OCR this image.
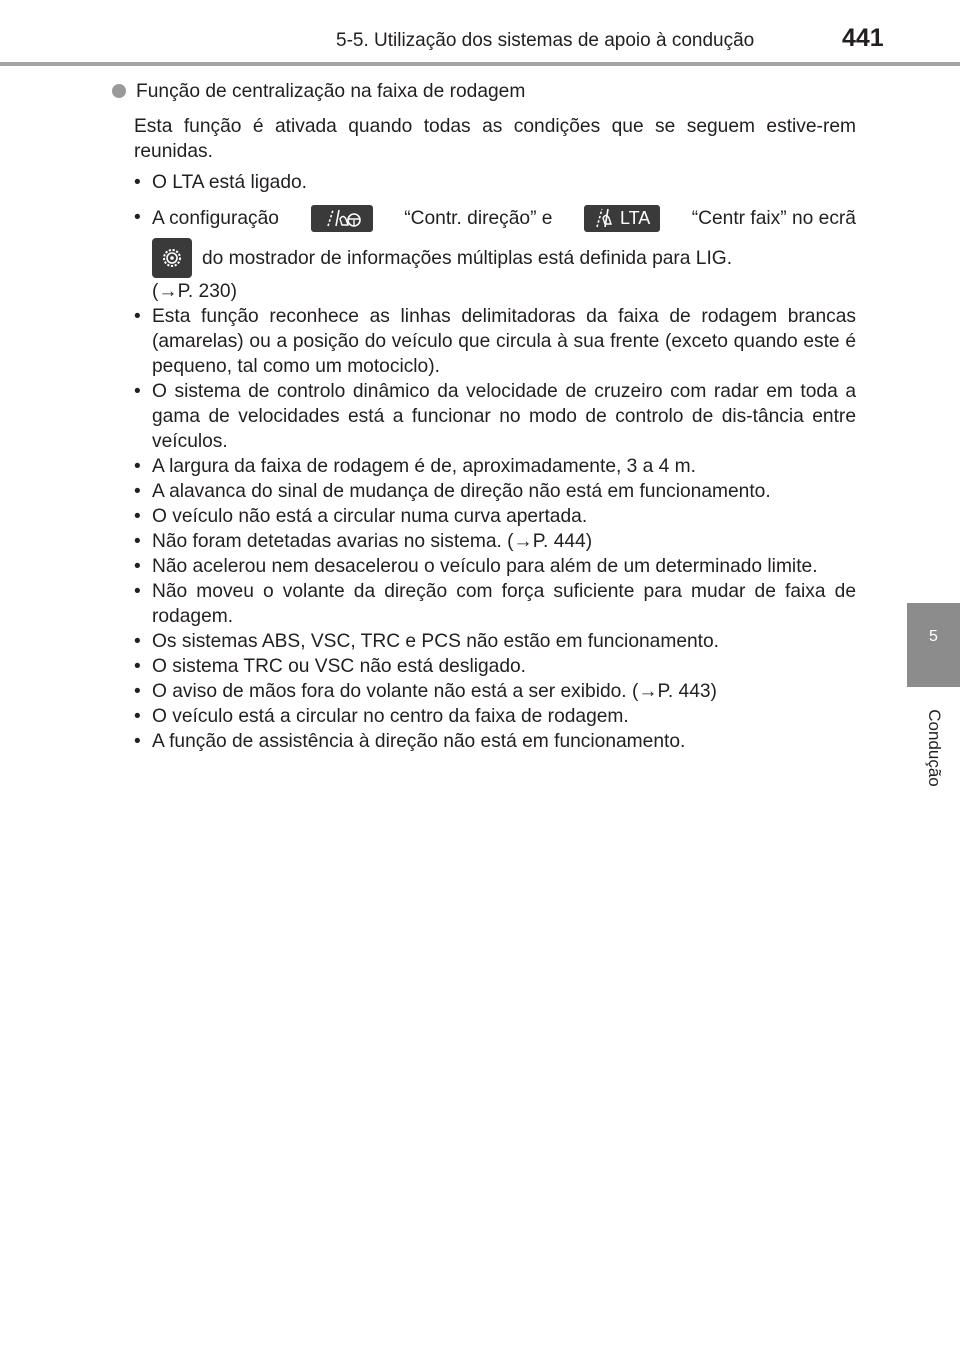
5-5. Utilização dos sistemas de apoio à condução	441
5
Condução
Função de centralização na faixa de rodagem
Esta função é ativada quando todas as condições que se seguem estive-rem reunidas.
• O LTA está ligado.
• A configuração	“Contr. direção” e	LTA “Centr faix” no ecrã
do mostrador de informações múltiplas está definida para LIG.
(→P. 230)
• Esta função reconhece as linhas delimitadoras da faixa de rodagem brancas (amarelas) ou a posição do veículo que circula à sua frente (exceto quando este é pequeno, tal como um motociclo).
• O sistema de controlo dinâmico da velocidade de cruzeiro com radar em toda a gama de velocidades está a funcionar no modo de controlo de dis-tância entre veículos.
• A largura da faixa de rodagem é de, aproximadamente, 3 a 4 m.
• A alavanca do sinal de mudança de direção não está em funcionamento.
• O veículo não está a circular numa curva apertada.
• Não foram detetadas avarias no sistema. (→P. 444)
• Não acelerou nem desacelerou o veículo para além de um determinado limite.
• Não moveu o volante da direção com força suficiente para mudar de faixa de rodagem.
• Os sistemas ABS, VSC, TRC e PCS não estão em funcionamento.
• O sistema TRC ou VSC não está desligado.
• O aviso de mãos fora do volante não está a ser exibido. (→P. 443)
• O veículo está a circular no centro da faixa de rodagem.
• A função de assistência à direção não está em funcionamento.
